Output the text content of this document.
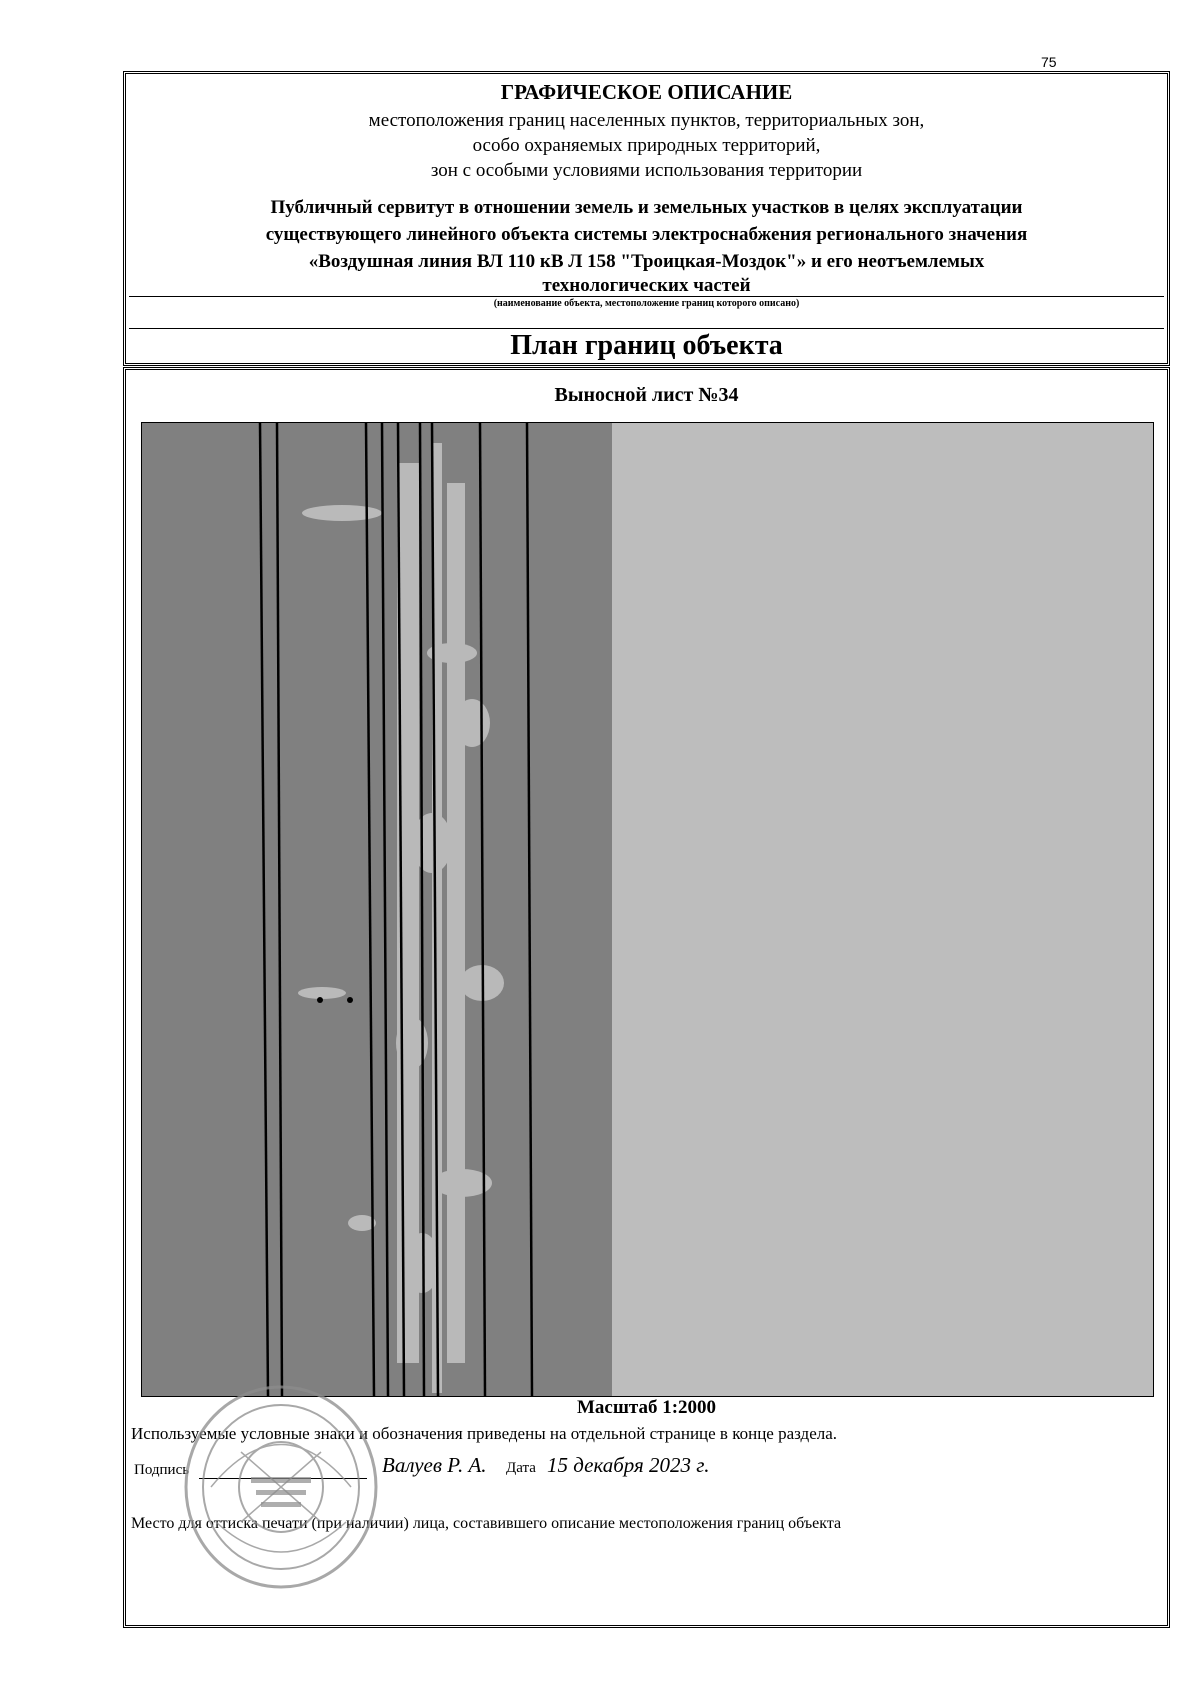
75
ГРАФИЧЕСКОЕ ОПИСАНИЕ
местоположения границ населенных пунктов, территориальных зон,
особо охраняемых природных территорий,
зон с особыми условиями использования территории
Публичный сервитут в отношении земель и земельных участков в целях эксплуатации
существующего линейного объекта системы электроснабжения регионального значения
«Воздушная линия ВЛ 110 кВ Л 158 "Троицкая-Моздок"» и его неотъемлемых
технологических частей
(наименование объекта, местоположение границ которого описано)
План границ объекта
Выносной лист №34
Масштаб 1:2000
Используемые условные знаки и обозначения приведены на отдельной странице в конце раздела.
Подпись	Валуев Р. А. Дата 15 декабря 2023 г.
Место для оттиска печати (при наличии) лица, составившего описание местоположения границ объекта
